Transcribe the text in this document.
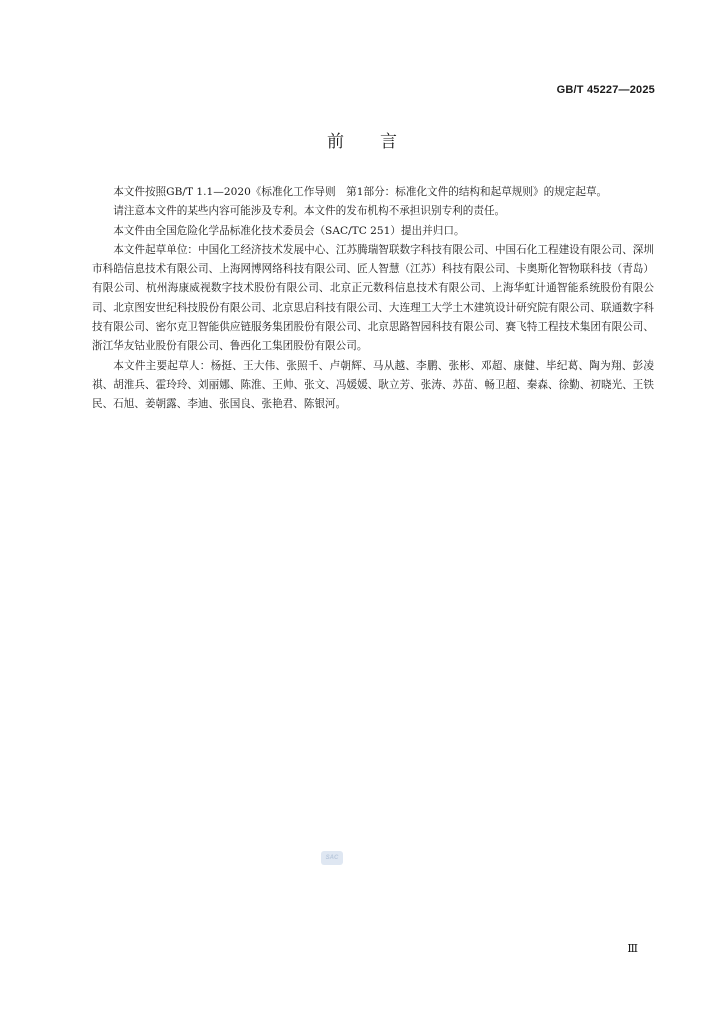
GB/T 45227—2025
前言

本文件按照GB/T 1.1—2020《标准化工作导则　第1部分：标准化文件的结构和起草规则》的规定起草。

请注意本文件的某些内容可能涉及专利。本文件的发布机构不承担识别专利的责任。

本文件由全国危险化学品标准化技术委员会（SAC/TC 251）提出并归口。

本文件起草单位：中国化工经济技术发展中心、江苏腾瑞智联数字科技有限公司、中国石化工程建设有限公司、深圳市科皓信息技术有限公司、上海网博网络科技有限公司、匠人智慧（江苏）科技有限公司、卡奥斯化智物联科技（青岛）有限公司、杭州海康威视数字技术股份有限公司、北京正元数科信息技术有限公司、上海华虹计通智能系统股份有限公司、北京图安世纪科技股份有限公司、北京思启科技有限公司、大连理工大学土木建筑设计研究院有限公司、联通数字科技有限公司、密尔克卫智能供应链服务集团股份有限公司、北京思路智园科技有限公司、赛飞特工程技术集团有限公司、浙江华友钴业股份有限公司、鲁西化工集团股份有限公司。

本文件主要起草人：杨挺、王大伟、张照千、卢朝辉、马从越、李鹏、张彬、邓超、康健、毕纪葛、陶为翔、彭凌祺、胡淮兵、霍玲玲、刘丽娜、陈淮、王帅、张文、冯媛媛、耿立芳、张涛、苏苗、畅卫超、秦森、徐勤、初晓光、王铁民、石旭、姜朝露、李迪、张国良、张艳君、陈银河。

SAC
Ⅲ
